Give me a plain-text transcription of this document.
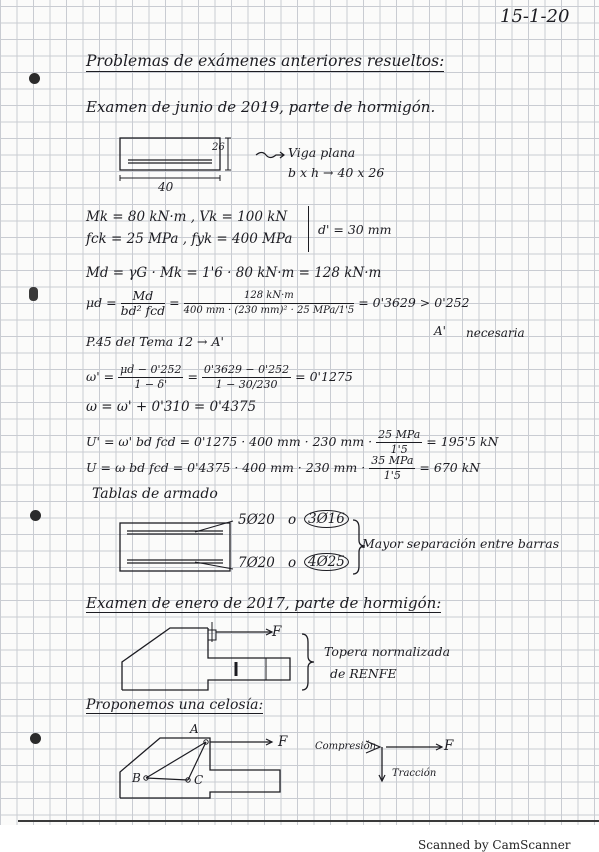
15-1-20

Problemas de exámenes anteriores resueltos:

Examen de junio de 2019, parte de hormigón.

26

40

Viga plana

b x h → 40 x 26

Mk = 80 kN·m , Vk = 100 kN

fck = 25 MPa , fyk = 400 MPa

d' = 30 mm

Md = γG · Mk = 1'6 · 80 kN·m = 128 kN·m

μd =	Md
bd² fcd
=	128 kN·m
400 mm · (230 mm)² · 25 MPa/1'5
= 0'3629 > 0'252

A' necesaria

P.45 del Tema 12 → A'

$\omega' = \frac{\mu d - 0'252}{1 - \delta'} = \frac{0'3629 - 0'252}{1 - 30/230} = 0'1275$

ω = ω' + 0'310 = 0'4375

U' = ω' bd fcd = 0'1275 · 400 mm · 230 mm · 25 MPa
1'5
= 195'5 kN
U = ω bd fcd = 0'4375 · 400 mm · 230 mm · 35 MPa
1'5
= 670 kN

Tablas de armado

5Ø20 o 3Ø16

7Ø20 o 4Ø25

Mayor separación entre barras

Examen de enero de 2017, parte de hormigón:

F

Topera normalizada

de RENFE

Proponemos una celosía:

A

B	C

F	Compresión	F

Tracción

Scanned by CamScanner
